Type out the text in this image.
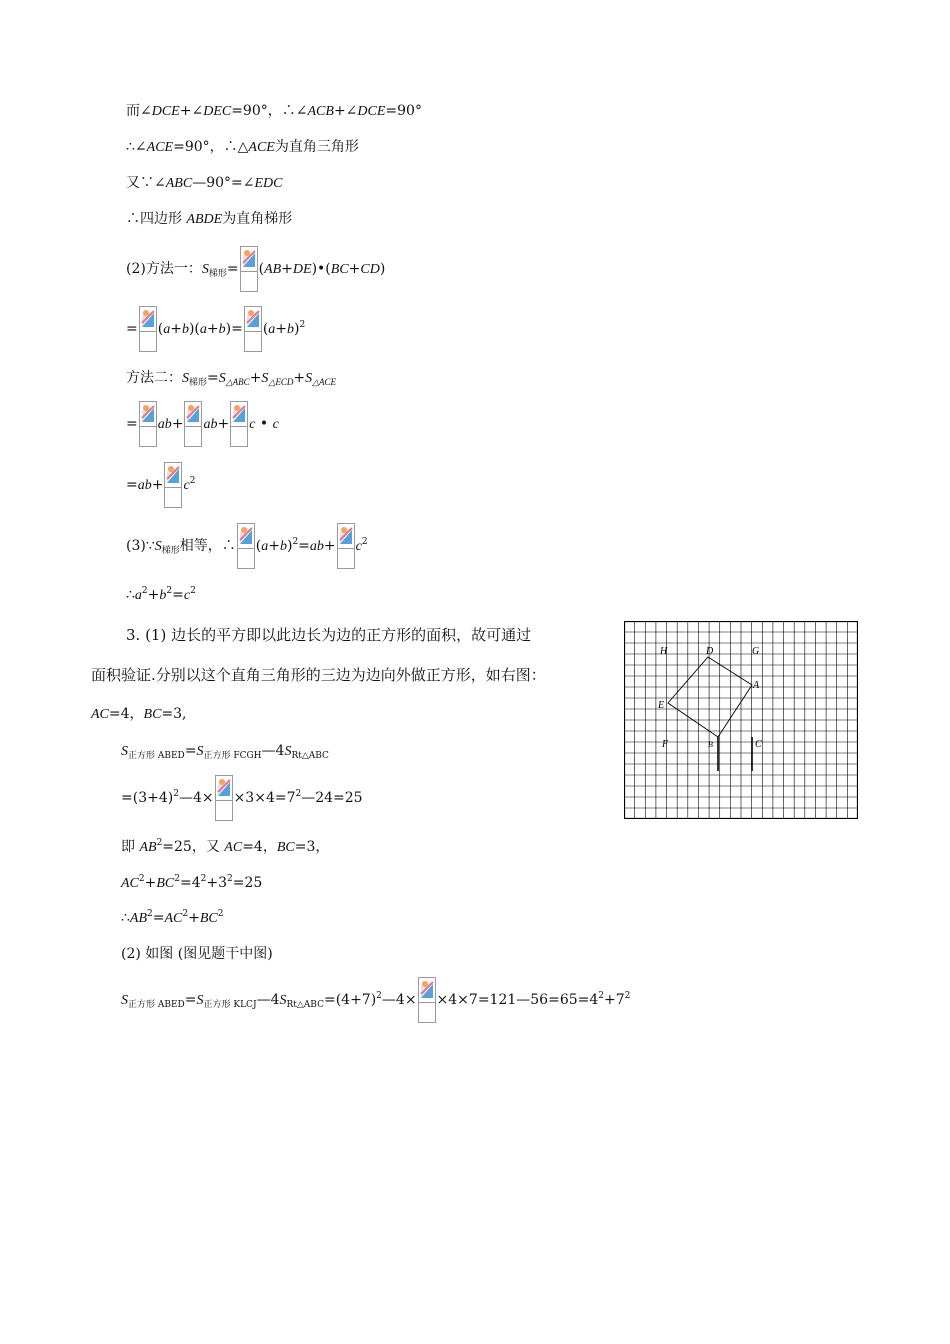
而∠DCE+∠DEC=90°，∴∠ACB+∠DCE=90°
∴∠ACE=90°，∴△ACE为直角三角形
又∵∠ABC—90°=∠EDC
∴四边形 ABDE为直角梯形
(2)方法一：$S_{梯形}=$ (AB+DE)•(BC+CD)
= $(a+b)(a+b)= (a+b)^2$
方法二：$S_{梯形}=S_{\triangle ABC}+S_{\triangle ECD}+S_{\triangle ACE}$
= ab+ ab+ c • c
$=ab+ c^2$
$(3)\because S_{梯形}$相等，∴ $(a+b)^2=ab+ c^2$
$\therefore a^2+b^2=c^2$
3. (1) 边长的平方即以此边长为边的正方形的面积，故可通过
面积验证.分别以这个直角三角形的三边为边向外做正方形，如右图：
AC=4，BC=3,
$S_{正方形 ABED}=S_{正方形 FCGH}—4S_{Rt\triangle ABC}$
$=(3+4)^2—4\times$ $\times 3\times 4=7^2—24=25$
即 $AB^2=25$，又 AC=4，BC=3，
$AC^2+BC^2=4^2+3^2=25$
$\therefore AB^2=AC^2+BC^2$
(2) 如图 (图见题干中图)
$S_{正方形 ABED}=S_{正方形 KLCJ}—4S_{Rt\triangle ABC}=(4+7)^2—4\times$ $\times 4\times 7=121—56=65=4^2+7^2$
H	D	G
A
E
F	B	C
